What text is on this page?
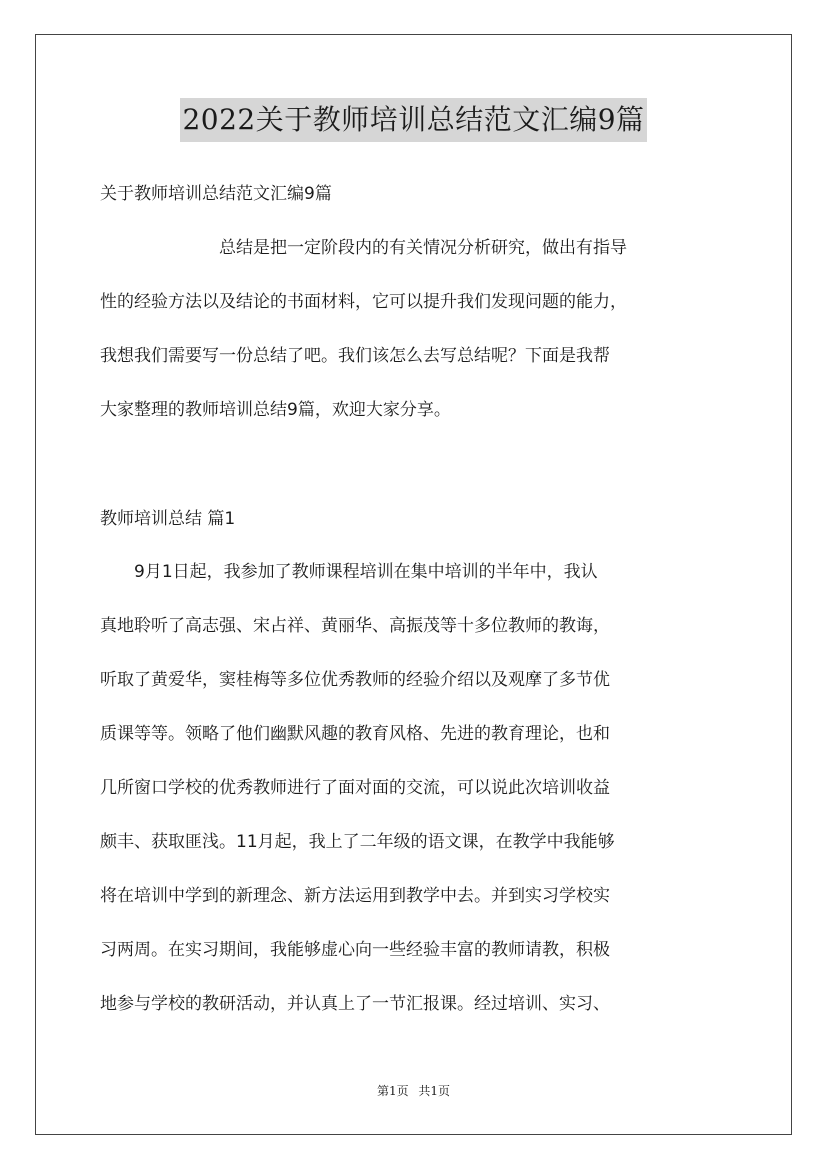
2022关于教师培训总结范文汇编9篇
关于教师培训总结范文汇编9篇
　　　　　　　总结是把一定阶段内的有关情况分析研究，做出有指导
性的经验方法以及结论的书面材料，它可以提升我们发现问题的能力，
我想我们需要写一份总结了吧。我们该怎么去写总结呢？下面是我帮
大家整理的教师培训总结9篇，欢迎大家分享。
教师培训总结 篇1
　　9月1日起，我参加了教师课程培训在集中培训的半年中，我认
真地聆听了高志强、宋占祥、黄丽华、高振茂等十多位教师的教诲，
听取了黄爱华，窦桂梅等多位优秀教师的经验介绍以及观摩了多节优
质课等等。领略了他们幽默风趣的教育风格、先进的教育理论，也和
几所窗口学校的优秀教师进行了面对面的交流，可以说此次培训收益
颇丰、获取匪浅。11月起，我上了二年级的语文课，在教学中我能够
将在培训中学到的新理念、新方法运用到教学中去。并到实习学校实
习两周。在实习期间，我能够虚心向一些经验丰富的教师请教，积极
地参与学校的教研活动，并认真上了一节汇报课。经过培训、实习、
第1页 共1页
